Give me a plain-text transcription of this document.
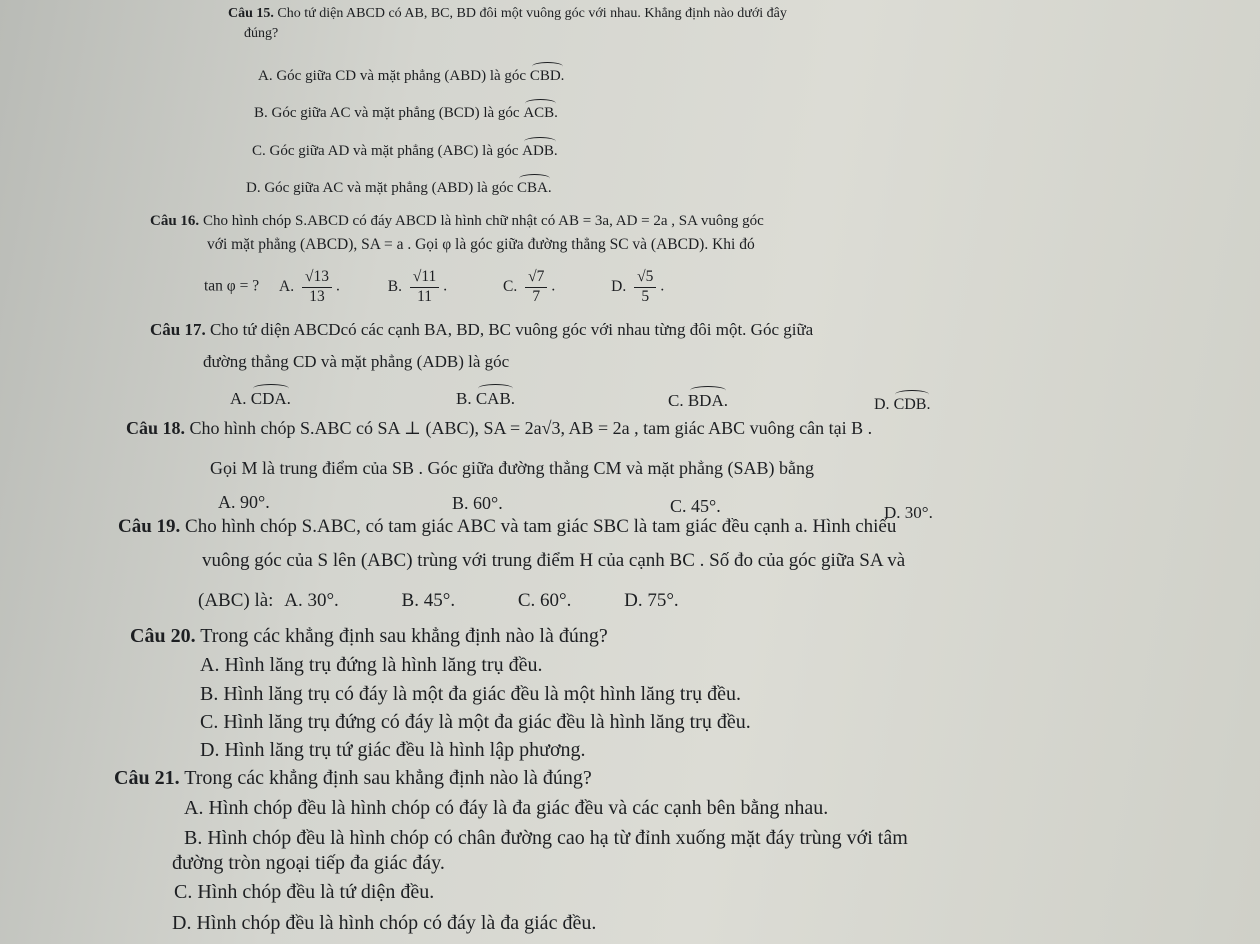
Câu 15. Cho tứ diện ABCD có AB, BC, BD đôi một vuông góc với nhau. Khẳng định nào dưới đây
đúng?
A. Góc giữa CD và mặt phẳng (ABD) là góc CBD.
B. Góc giữa AC và mặt phẳng (BCD) là góc ACB.
C. Góc giữa AD và mặt phẳng (ABC) là góc ADB.
D. Góc giữa AC và mặt phẳng (ABD) là góc CBA.
Câu 16. Cho hình chóp S.ABCD có đáy ABCD là hình chữ nhật có AB = 3a, AD = 2a , SA vuông góc
với mặt phẳng (ABCD), SA = a . Gọi φ là góc giữa đường thẳng SC và (ABCD). Khi đó
tan φ = ? A. $\frac{√13}{13}$ .	B. $\frac{√11}{11}$ .	C. $\frac{√7}{7}$ .	D. $\frac{√5}{5}$ .
Câu 17. Cho tứ diện ABCDcó các cạnh BA, BD, BC vuông góc với nhau từng đôi một. Góc giữa
đường thẳng CD và mặt phẳng (ADB) là góc
A. CDA.	B. CAB.	C. BDA.	D. CDB.
Câu 18. Cho hình chóp S.ABC có SA ⊥ (ABC), SA = 2a√3, AB = 2a , tam giác ABC vuông cân tại B .
Gọi M là trung điểm của SB . Góc giữa đường thẳng CM và mặt phẳng (SAB) bằng
A. 90°.	B. 60°.	C. 45°.	D. 30°.
Câu 19. Cho hình chóp S.ABC, có tam giác ABC và tam giác SBC là tam giác đều cạnh a. Hình chiếu
vuông góc của S lên (ABC) trùng với trung điểm H của cạnh BC . Số đo của góc giữa SA và
(ABC) là: A. 30°.	B. 45°.	C. 60°.	D. 75°.
Câu 20. Trong các khẳng định sau khẳng định nào là đúng?
A. Hình lăng trụ đứng là hình lăng trụ đều.
B. Hình lăng trụ có đáy là một đa giác đều là một hình lăng trụ đều.
C. Hình lăng trụ đứng có đáy là một đa giác đều là hình lăng trụ đều.
D. Hình lăng trụ tứ giác đều là hình lập phương.
Câu 21. Trong các khẳng định sau khẳng định nào là đúng?
A. Hình chóp đều là hình chóp có đáy là đa giác đều và các cạnh bên bằng nhau.
B. Hình chóp đều là hình chóp có chân đường cao hạ từ đỉnh xuống mặt đáy trùng với tâm
đường tròn ngoại tiếp đa giác đáy.
C. Hình chóp đều là tứ diện đều.
D. Hình chóp đều là hình chóp có đáy là đa giác đều.
